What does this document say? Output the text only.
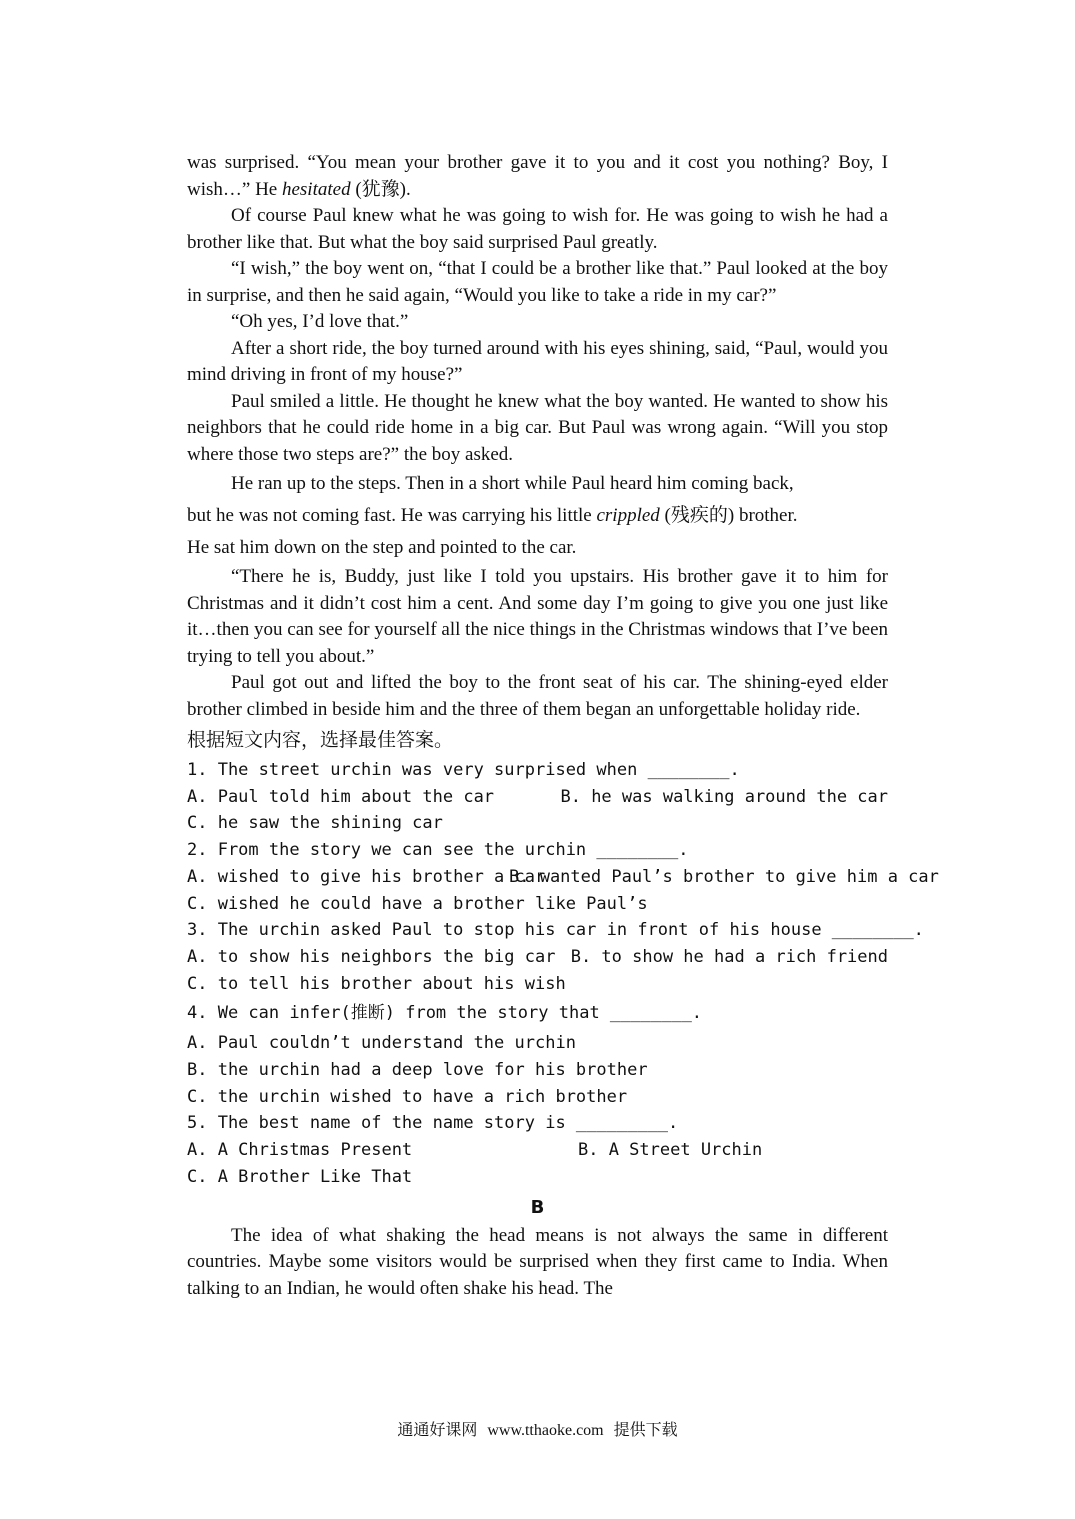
was surprised. “You mean your brother gave it to you and it cost you nothing? Boy, I wish…” He hesitated (犹豫).

Of course Paul knew what he was going to wish for. He was going to wish he had a brother like that. But what the boy said surprised Paul greatly.

“I wish,” the boy went on, “that I could be a brother like that.” Paul looked at the boy in surprise, and then he said again, “Would you like to take a ride in my car?”

“Oh yes, I’d love that.”

After a short ride, the boy turned around with his eyes shining, said, “Paul, would you mind driving in front of my house?”

Paul smiled a little. He thought he knew what the boy wanted. He wanted to show his neighbors that he could ride home in a big car. But Paul was wrong again. “Will you stop where those two steps are?” the boy asked.

He ran up to the steps. Then in a short while Paul heard him coming back,

but he was not coming fast. He was carrying his little crippled (残疾的) brother.

He sat him down on the step and pointed to the car.

“There he is, Buddy, just like I told you upstairs. His brother gave it to him for Christmas and it didn’t cost him a cent. And some day I’m going to give you one just like it…then you can see for yourself all the nice things in the Christmas windows that I’ve been trying to tell you about.”

Paul got out and lifted the boy to the front seat of his car. The shining-eyed elder brother climbed in beside him and the three of them began an unforgettable holiday ride.

根据短文内容，选择最佳答案。
1. The street urchin was very surprised when ________.
A. Paul told him about the car	B. he was walking around the car
C. he saw the shining car
2. From the story we can see the urchin ________.
A. wished to give his brother a car
B. wanted Paul’s brother to give him a car
C. wished he could have a brother like Paul’s
3. The urchin asked Paul to stop his car in front of his house ________.
A. to show his neighbors the big car B. to show he had a rich friend
C. to tell his brother about his wish
4. We can infer(推断) from the story that ________.
A. Paul couldn’t understand the urchin
B. the urchin had a deep love for his brother
C. the urchin wished to have a rich brother
5. The best name of the name story is _________.
A. A Christmas Present	B. A Street Urchin
C. A Brother Like That
B

The idea of what shaking the head means is not always the same in different countries. Maybe some visitors would be surprised when they first came to India. When talking to an Indian, he would often shake his head. The

通通好课网 www.tthaoke.com 提供下载
